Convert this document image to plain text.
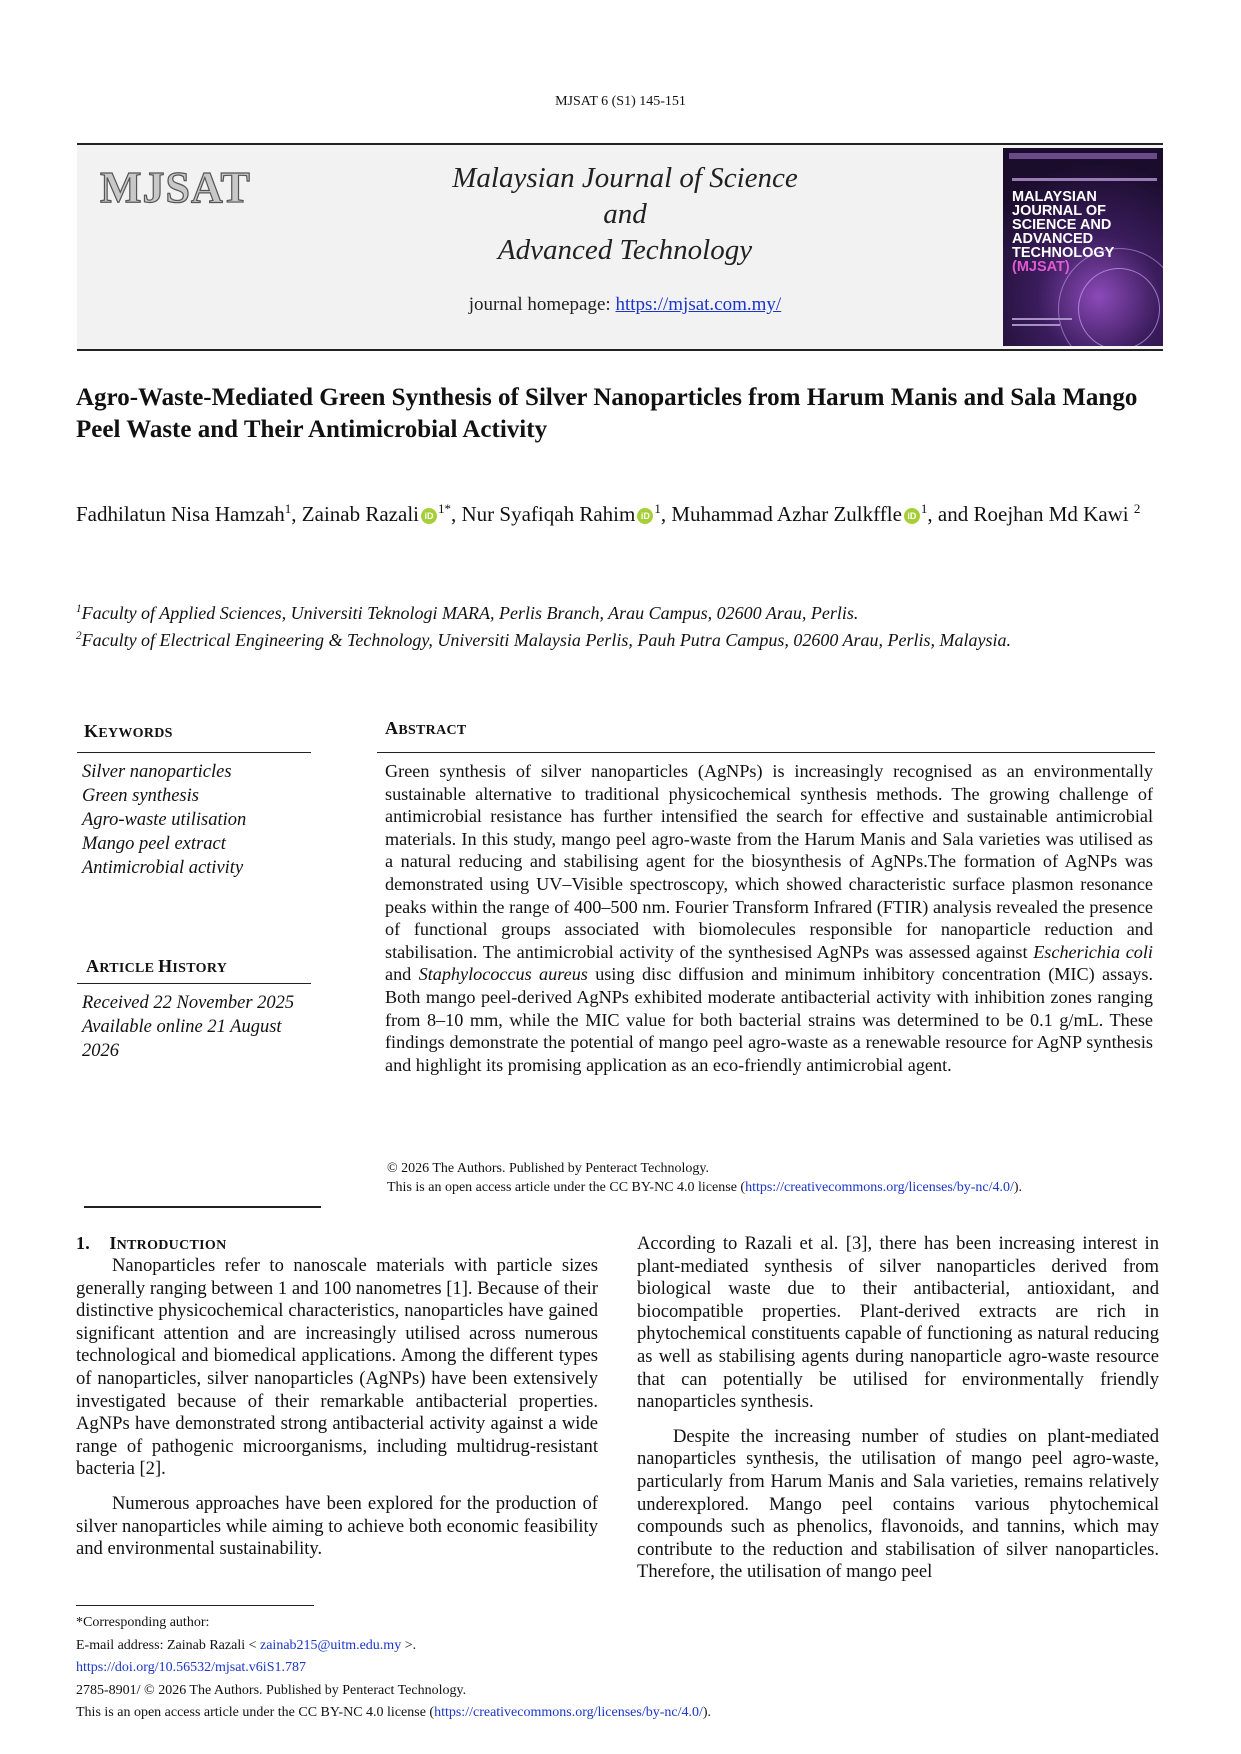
MJSAT 6 (S1) 145-151
MJSAT	Malaysian Journal of Science
and
Advanced Technology
journal homepage: https://mjsat.com.my/
MALAYSIAN
JOURNAL OF
SCIENCE AND
ADVANCED
TECHNOLOGY
(MJSAT)
Agro-Waste-Mediated Green Synthesis of Silver Nanoparticles from Harum Manis and Sala Mango Peel Waste and Their Antimicrobial Activity
Fadhilatun Nisa Hamzah$^1$, Zainab Razali iD $^{1*}$, Nur Syafiqah Rahim iD $^1$, Muhammad Azhar Zulkffle iD $^1$, and Roejhan Md Kawi $^2$
$^1$Faculty of Applied Sciences, Universiti Teknologi MARA, Perlis Branch, Arau Campus, 02600 Arau, Perlis.
$^2$Faculty of Electrical Engineering & Technology, Universiti Malaysia Perlis, Pauh Putra Campus, 02600 Arau, Perlis, Malaysia.
KEYWORDS
Silver nanoparticles
Green synthesis
Agro-waste utilisation
Mango peel extract
Antimicrobial activity
ARTICLE HISTORY
Received 22 November 2025
Available online 21 August 2026
ABSTRACT
Green synthesis of silver nanoparticles (AgNPs) is increasingly recognised as an environmentally sustainable alternative to traditional physicochemical synthesis methods. The growing challenge of antimicrobial resistance has further intensified the search for effective and sustainable antimicrobial materials. In this study, mango peel agro-waste from the Harum Manis and Sala varieties was utilised as a natural reducing and stabilising agent for the biosynthesis of AgNPs.The formation of AgNPs was demonstrated using UV–Visible spectroscopy, which showed characteristic surface plasmon resonance peaks within the range of 400–500 nm. Fourier Transform Infrared (FTIR) analysis revealed the presence of functional groups associated with biomolecules responsible for nanoparticle reduction and stabilisation. The antimicrobial activity of the synthesised AgNPs was assessed against Escherichia coli and Staphylococcus aureus using disc diffusion and minimum inhibitory concentration (MIC) assays. Both mango peel-derived AgNPs exhibited moderate antibacterial activity with inhibition zones ranging from 8–10 mm, while the MIC value for both bacterial strains was determined to be 0.1 g/mL. These findings demonstrate the potential of mango peel agro-waste as a renewable resource for AgNP synthesis and highlight its promising application as an eco-friendly antimicrobial agent.
© 2026 The Authors. Published by Penteract Technology.
This is an open access article under the CC BY-NC 4.0 license (https://creativecommons.org/licenses/by-nc/4.0/).
1. INTRODUCTION

Nanoparticles refer to nanoscale materials with particle sizes generally ranging between 1 and 100 nanometres [1]. Because of their distinctive physicochemical characteristics, nanoparticles have gained significant attention and are increasingly utilised across numerous technological and biomedical applications. Among the different types of nanoparticles, silver nanoparticles (AgNPs) have been extensively investigated because of their remarkable antibacterial properties. AgNPs have demonstrated strong antibacterial activity against a wide range of pathogenic microorganisms, including multidrug-resistant bacteria [2].

Numerous approaches have been explored for the production of silver nanoparticles while aiming to achieve both economic feasibility and environmental sustainability.

According to Razali et al. [3], there has been increasing interest in plant-mediated synthesis of silver nanoparticles derived from biological waste due to their antibacterial, antioxidant, and biocompatible properties. Plant-derived extracts are rich in phytochemical constituents capable of functioning as natural reducing as well as stabilising agents during nanoparticle agro-waste resource that can potentially be utilised for environmentally friendly nanoparticles synthesis.

Despite the increasing number of studies on plant-mediated nanoparticles synthesis, the utilisation of mango peel agro-waste, particularly from Harum Manis and Sala varieties, remains relatively underexplored. Mango peel contains various phytochemical compounds such as phenolics, flavonoids, and tannins, which may contribute to the reduction and stabilisation of silver nanoparticles. Therefore, the utilisation of mango peel

*Corresponding author:
E-mail address: Zainab Razali < zainab215@uitm.edu.my >.
https://doi.org/10.56532/mjsat.v6iS1.787
2785-8901/ © 2026 The Authors. Published by Penteract Technology.
This is an open access article under the CC BY-NC 4.0 license (https://creativecommons.org/licenses/by-nc/4.0/).
